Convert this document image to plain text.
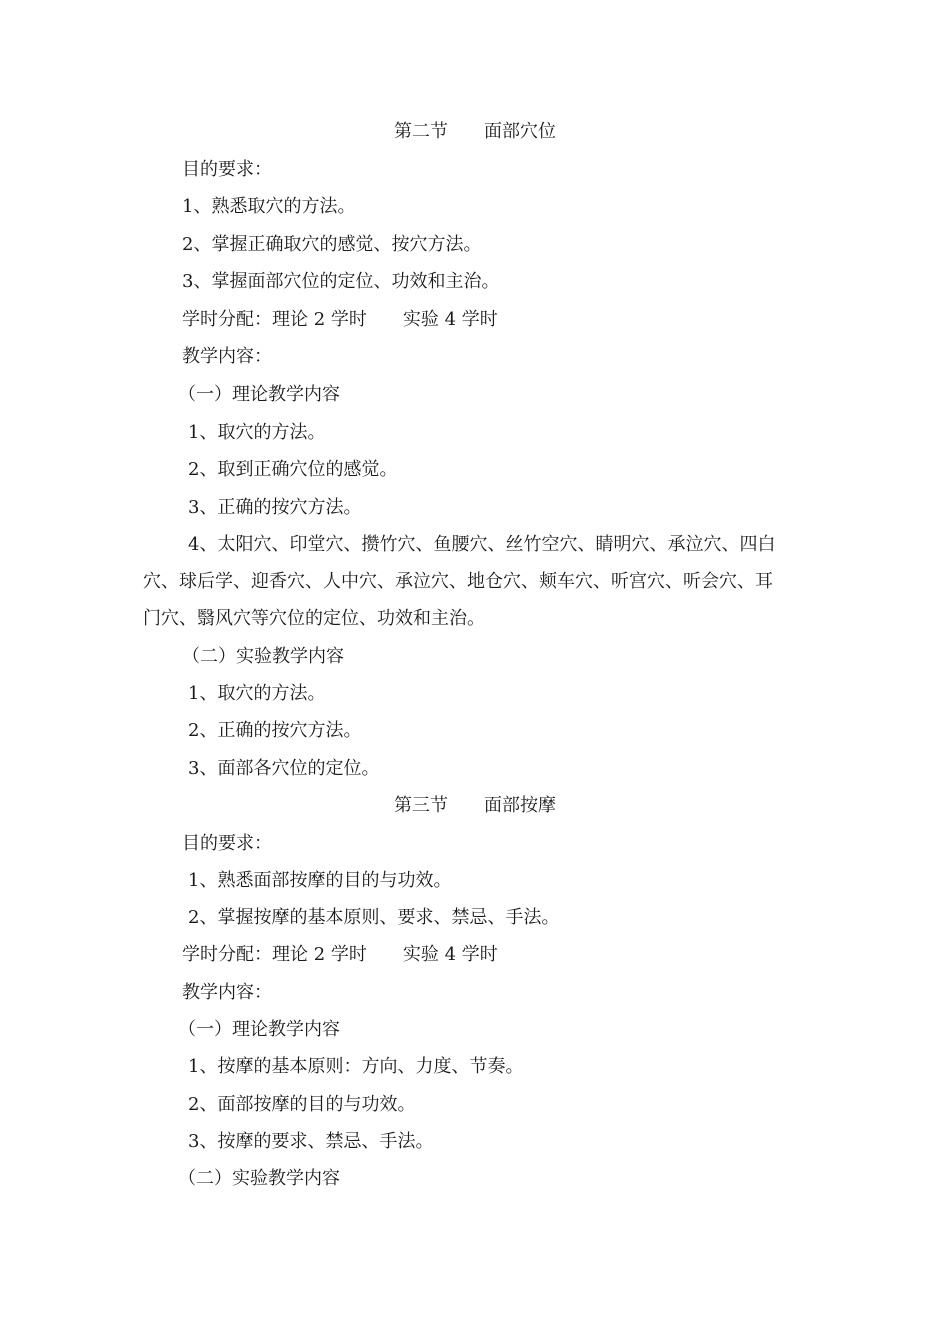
第二节　　面部穴位
目的要求：
1、熟悉取穴的方法。
2、掌握正确取穴的感觉、按穴方法。
3、掌握面部穴位的定位、功效和主治。
学时分配：理论 2 学时　　实验 4 学时
教学内容：
（一）理论教学内容
1、取穴的方法。
2、取到正确穴位的感觉。
3、正确的按穴方法。
4、太阳穴、印堂穴、攒竹穴、鱼腰穴、丝竹空穴、睛明穴、承泣穴、四白
穴、球后学、迎香穴、人中穴、承泣穴、地仓穴、颊车穴、听宫穴、听会穴、耳
门穴、翳风穴等穴位的定位、功效和主治。
（二）实验教学内容
1、取穴的方法。
2、正确的按穴方法。
3、面部各穴位的定位。
第三节　　面部按摩
目的要求：
1、熟悉面部按摩的目的与功效。
2、掌握按摩的基本原则、要求、禁忌、手法。
学时分配：理论 2 学时　　实验 4 学时
教学内容：
（一）理论教学内容
1、按摩的基本原则：方向、力度、节奏。
2、面部按摩的目的与功效。
3、按摩的要求、禁忌、手法。
（二）实验教学内容
